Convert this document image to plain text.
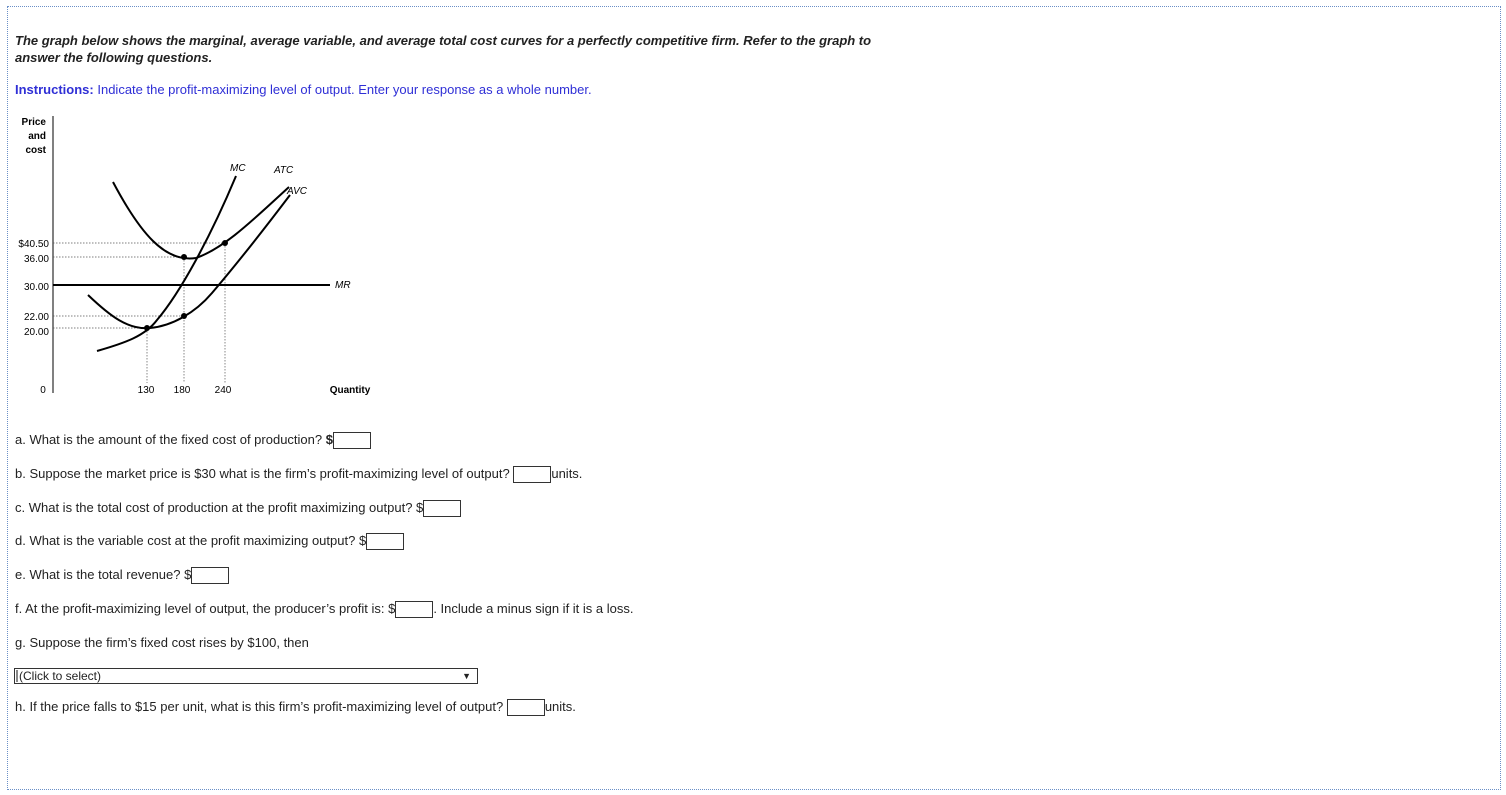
The graph below shows the marginal, average variable, and average total cost curves for a perfectly competitive firm. Refer to the graph to answer the following questions.
Instructions: Indicate the profit-maximizing level of output. Enter your response as a whole number.
Price
and
cost
$40.50
36.00
30.00
22.00
20.00
0	130 180 240	Quantity
MR
ATC
AVC
MC
a. What is the amount of the fixed cost of production? $
b. Suppose the market price is $30 what is the firm’s profit-maximizing level of output?	units.
c. What is the total cost of production at the profit maximizing output? $
d. What is the variable cost at the profit maximizing output? $
e. What is the total revenue? $
f. At the profit-maximizing level of output, the producer’s profit is: $	. Include a minus sign if it is a loss.
g. Suppose the firm’s fixed cost rises by $100, then
(Click to select)	▼
h. If the price falls to $15 per unit, what is this firm’s profit-maximizing level of output?	units.
